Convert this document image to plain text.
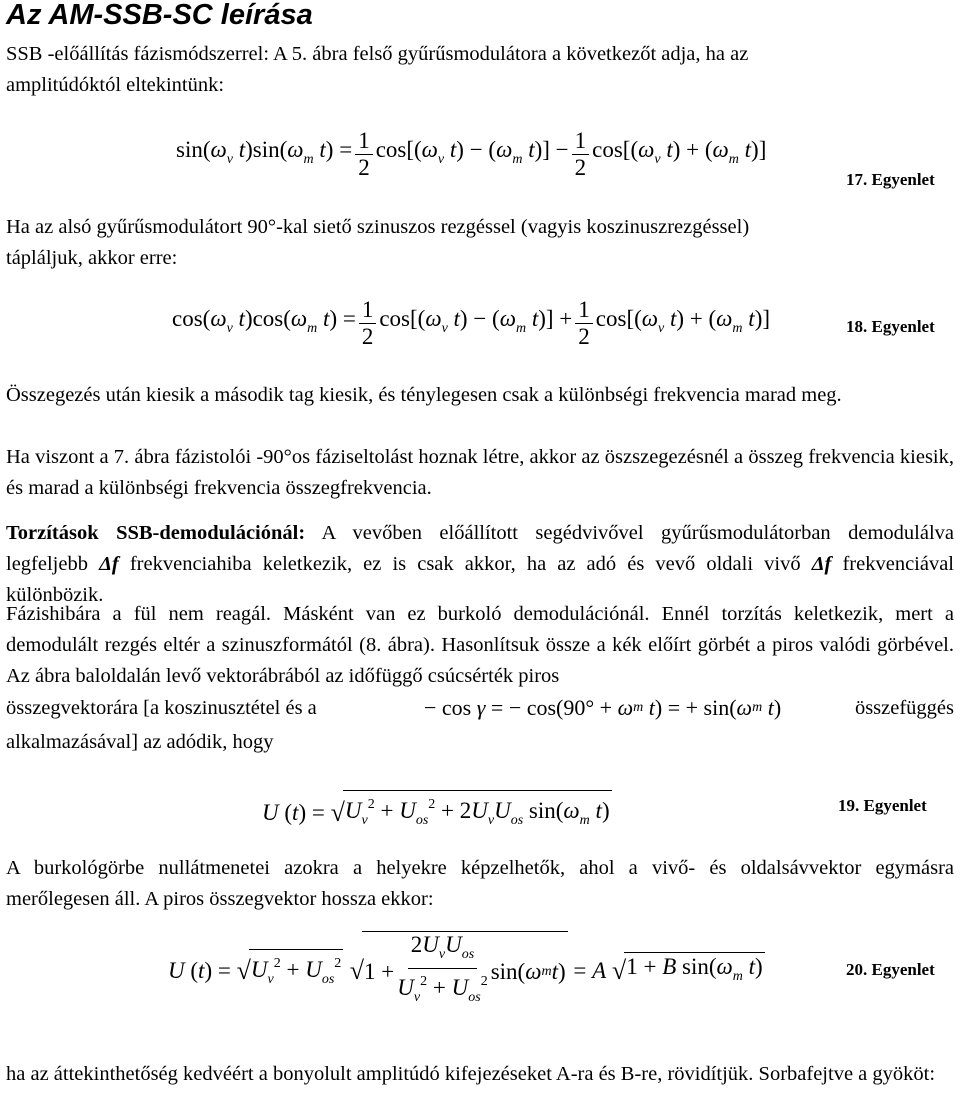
Az AM-SSB-SC leírása

SSB -előállítás fázismódszerrel: A 5. ábra felső gyűrűsmodulátora a következőt adja, ha az
amplitúdóktól eltekintünk:

$\sin(\omega_v$ $t)\sin(\omega_m$ $t) = \frac{1}{2} \cos[(\omega_v$ $t) - (\omega_m$ $t)] - \frac{1}{2} \cos[(\omega_v$ $t) + (\omega_m$ t)]
17. Egyenlet

Ha az alsó gyűrűsmodulátort 90°-kal siető szinuszos rezgéssel (vagyis koszinuszrezgéssel)
tápláljuk, akkor erre:

$\cos(\omega_v$ $t)\cos(\omega_m$ $t) = \frac{1}{2} \cos[(\omega_v$ $t) - (\omega_m$ $t)] + \frac{1}{2} \cos[(\omega_v$ $t) + (\omega_m$ t)]	18. Egyenlet

Összegezés után kiesik a második tag kiesik, és ténylegesen csak a különbségi frekvencia marad meg.

Ha viszont a 7. ábra fázistolói -90°os fáziseltolást hoznak létre, akkor az öszszegezésnél a összeg frekvencia kiesik, és marad a különbségi frekvencia összegfrekvencia.

Torzítások SSB-demodulációnál: A vevőben előállított segédvivővel gyűrűsmodulátorban demodulálva legfeljebb Δf frekvenciahiba keletkezik, ez is csak akkor, ha az adó és vevő oldali vivő Δf frekvenciával különbözik.

Fázishibára a fül nem reagál. Másként van ez burkoló demodulációnál. Ennél torzítás keletkezik, mert a demodulált rezgés eltér a szinuszformától (8. ábra). Hasonlítsuk össze a kék előírt görbét a piros valódi görbével. Az ábra baloldalán levő vektorábrából az időfüggő csúcsérték piros

összegvektorára [a koszinusztétel és a	− cos γ = − cos(90° + ω m t ) = + sin( ω m t )	összefüggés

alkalmazásával] az adódik, hogy

U (t) = √ $U_v^2 + U_{os}^2 + 2U_vU_{os}$ $\sin(\omega_m$ t)	19. Egyenlet

A burkológörbe nullátmenetei azokra a helyekre képzelhetők, ahol a vivő- és oldalsávvektor egymásra merőlegesen áll. A piros összegvektor hossza ekkor:

U (t) = √ $U_v^2 + U_{os}^2$ √ $1 + \frac{2U_vU_{os}}{U_v^2 + U_{os}^2} \sin$( ω m t ) = A √ 1 + B $\sin(\omega_m$ t)	20. Egyenlet

ha az áttekinthetőség kedvéért a bonyolult amplitúdó kifejezéseket A-ra és B-re, rövidítjük. Sorbafejtve a gyököt:
